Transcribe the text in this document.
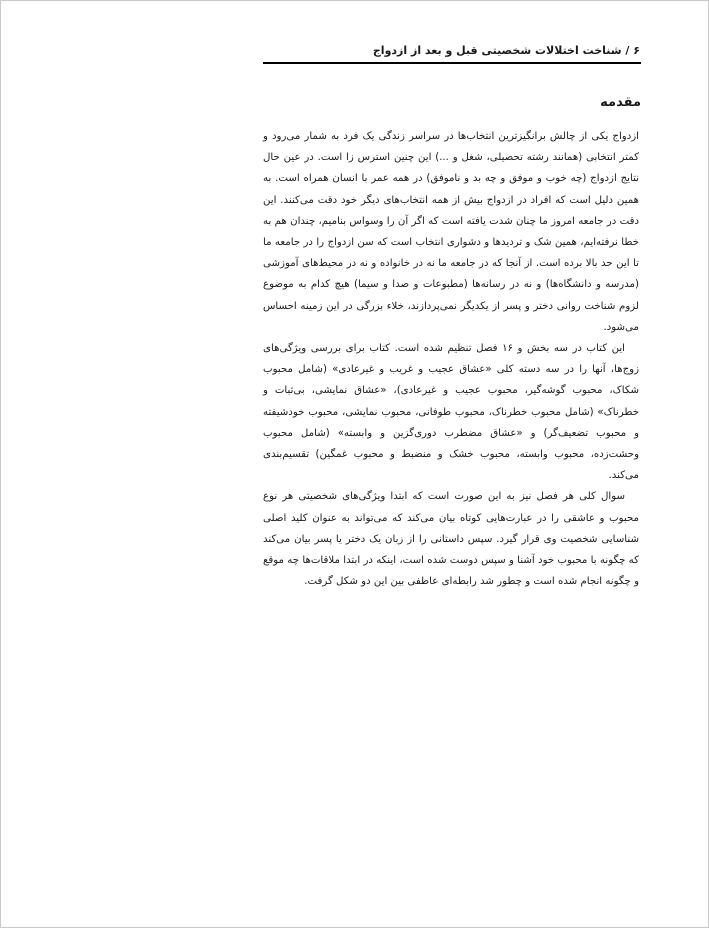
۶ / شناخت اختلالات شخصیتی قبل و بعد از ازدواج
مقدمه

ازدواج یکی از چالش برانگیزترین انتخاب‌ها در سراسر زندگی یک فرد به شمار می‌رود و کمتر انتخابی (همانند رشته تحصیلی، شغل و ...) این چنین استرس زا است. در عین حال نتایج ازدواج (چه خوب و موفق و چه بد و ناموفق) در همه عمر با انسان همراه است. به همین دلیل است که افراد در ازدواج بیش از همه انتخاب‌های دیگر خود دقت می‌کنند. این دقت در جامعه امروز ما چنان شدت یافته است که اگر آن را وسواس بنامیم، چندان هم به خطا نرفته‌ایم، همین شک و تردیدها و دشواری انتخاب است که سن ازدواج را در جامعه ما تا این حد بالا برده است. از آنجا که در جامعه ما نه در خانواده و نه در محیط‌های آموزشی (مدرسه و دانشگاه‌ها) و نه در رسانه‌ها (مطبوعات و صدا و سیما) هیچ کدام به موضوع لزوم شناخت روانی دختر و پسر از یکدیگر نمی‌پردازند، خلاء بزرگی در این زمینه احساس می‌شود.

این کتاب در سه بخش و ۱۶ فصل تنظیم شده است. کتاب برای بررسی ویژگی‌های زوج‌ها، آنها را در سه دسته کلی «عشاق عجیب و غریب و غیرعادی» (شامل محبوب شکاک، محبوب گوشه‌گیر، محبوب عجیب و غیرعادی)، «عشاق نمایشی، بی‌ثبات و خطرناک» (شامل محبوب خطرناک، محبوب طوفانی، محبوب نمایشی، محبوب خودشیفته و محبوب تضعیف‌گر) و «عشاق مضطرب دوری‌گزین و وابسته» (شامل محبوب وحشت‌زده، محبوب وابسته، محبوب خشک و منضبط و محبوب غمگین) تقسیم‌بندی می‌کند.

سوال کلی هر فصل نیز به این صورت است که ابتدا ویژگی‌های شخصیتی هر نوع محبوب و عاشقی را در عبارت‌هایی کوتاه بیان می‌کند که می‌تواند به عنوان کلید اصلی شناسایی شخصیت وی قرار گیرد. سپس داستانی را از زبان یک دختر یا پسر بیان می‌کند که چگونه با محبوب خود آشنا و سپس دوست شده است، اینکه در ابتدا ملاقات‌ها چه موقع و چگونه انجام شده است و چطور شد رابطه‌ای عاطفی بین این دو شکل گرفت.
